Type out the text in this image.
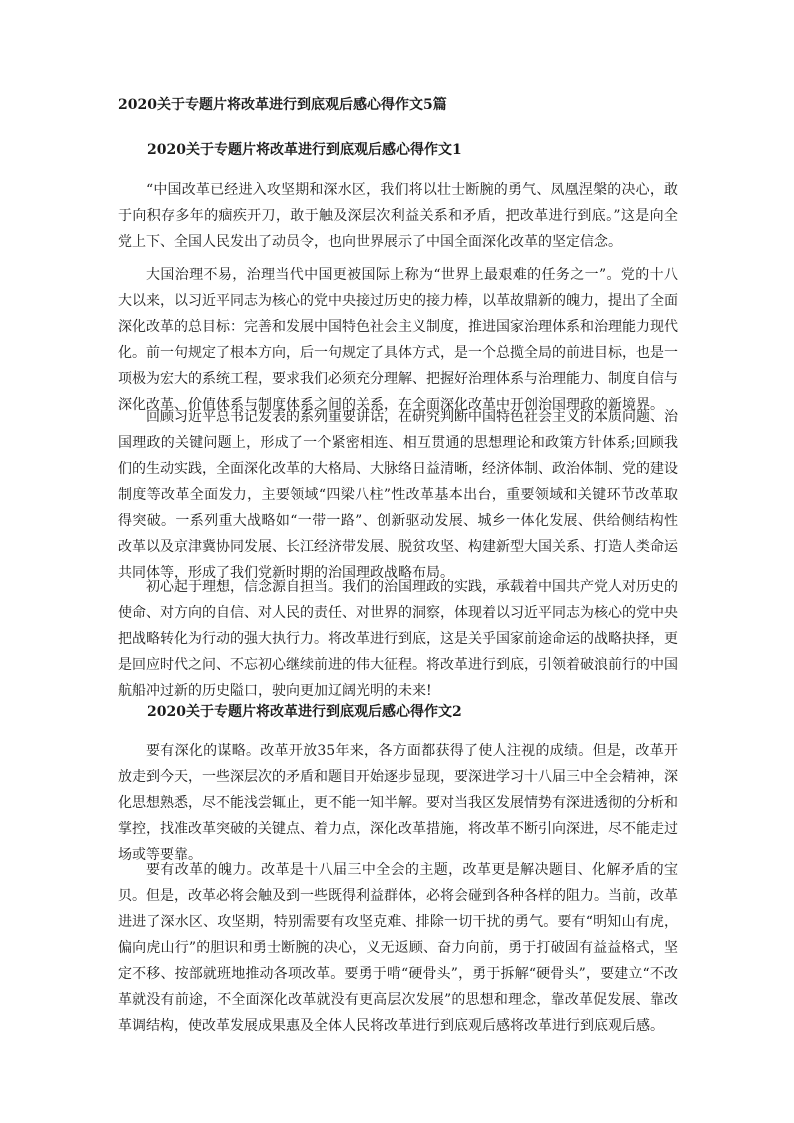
2020关于专题片将改革进行到底观后感心得作文5篇
2020关于专题片将改革进行到底观后感心得作文1

“中国改革已经进入攻坚期和深水区，我们将以壮士断腕的勇气、凤凰涅槃的决心，敢于向积存多年的痼疾开刀，敢于触及深层次利益关系和矛盾，把改革进行到底。”这是向全党上下、全国人民发出了动员令，也向世界展示了中国全面深化改革的坚定信念。

大国治理不易，治理当代中国更被国际上称为“世界上最艰难的任务之一”。党的十八大以来，以习近平同志为核心的党中央接过历史的接力棒，以革故鼎新的魄力，提出了全面深化改革的总目标：完善和发展中国特色社会主义制度，推进国家治理体系和治理能力现代化。前一句规定了根本方向，后一句规定了具体方式，是一个总揽全局的前进目标，也是一项极为宏大的系统工程，要求我们必须充分理解、把握好治理体系与治理能力、制度自信与深化改革、价值体系与制度体系之间的关系，在全面深化改革中开创治国理政的新境界。

回顾习近平总书记发表的系列重要讲话，在研究判断中国特色社会主义的本质问题、治国理政的关键问题上，形成了一个紧密相连、相互贯通的思想理论和政策方针体系;回顾我们的生动实践，全面深化改革的大格局、大脉络日益清晰，经济体制、政治体制、党的建设制度等改革全面发力，主要领域“四梁八柱”性改革基本出台，重要领域和关键环节改革取得突破。一系列重大战略如“一带一路”、创新驱动发展、城乡一体化发展、供给侧结构性改革以及京津冀协同发展、长江经济带发展、脱贫攻坚、构建新型大国关系、打造人类命运共同体等，形成了我们党新时期的治国理政战略布局。

初心起于理想，信念源自担当。我们的治国理政的实践，承载着中国共产党人对历史的使命、对方向的自信、对人民的责任、对世界的洞察，体现着以习近平同志为核心的党中央把战略转化为行动的强大执行力。将改革进行到底，这是关乎国家前途命运的战略抉择，更是回应时代之问、不忘初心继续前进的伟大征程。将改革进行到底，引领着破浪前行的中国航船冲过新的历史隘口，驶向更加辽阔光明的未来!

2020关于专题片将改革进行到底观后感心得作文2

要有深化的谋略。改革开放35年来，各方面都获得了使人注视的成绩。但是，改革开放走到今天，一些深层次的矛盾和题目开始逐步显现，要深进学习十八届三中全会精神，深化思想熟悉，尽不能浅尝辄止，更不能一知半解。要对当我区发展情势有深进透彻的分析和掌控，找准改革突破的关键点、着力点，深化改革措施，将改革不断引向深进，尽不能走过场或等要靠。

要有改革的魄力。改革是十八届三中全会的主题，改革更是解决题目、化解矛盾的宝贝。但是，改革必将会触及到一些既得利益群体，必将会碰到各种各样的阻力。当前，改革进进了深水区、攻坚期，特别需要有攻坚克难、排除一切干扰的勇气。要有“明知山有虎，偏向虎山行”的胆识和勇士断腕的决心，义无返顾、奋力向前，勇于打破固有益益格式，坚定不移、按部就班地推动各项改革。要勇于啃“硬骨头”，勇于拆解“硬骨头”，要建立“不改革就没有前途，不全面深化改革就没有更高层次发展”的思想和理念，靠改革促发展、靠改革调结构，使改革发展成果惠及全体人民将改革进行到底观后感将改革进行到底观后感。
